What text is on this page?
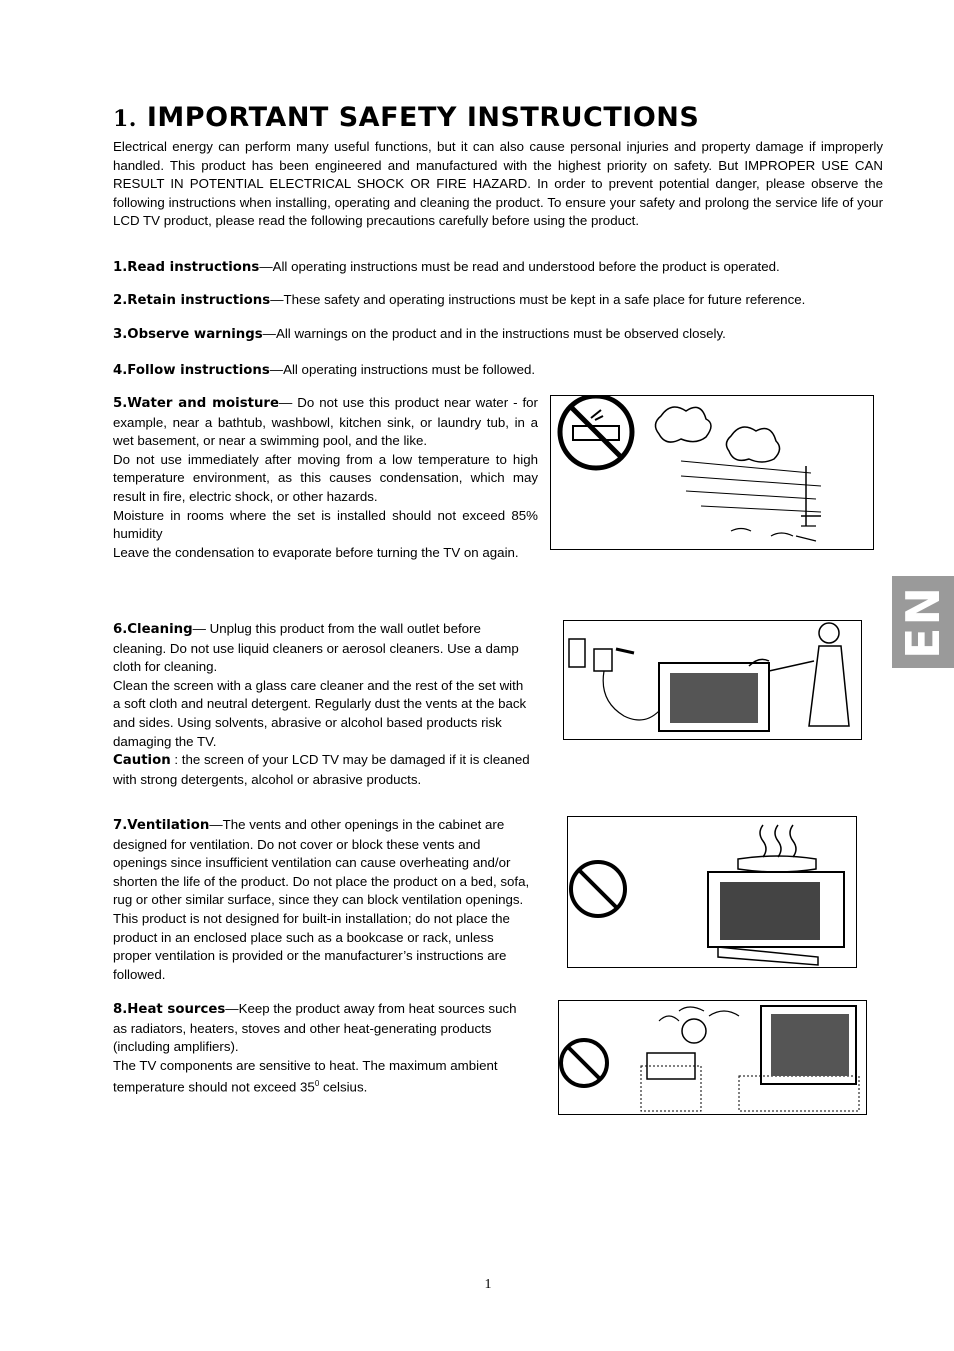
1. IMPORTANT SAFETY INSTRUCTIONS
Electrical energy can perform many useful functions, but it can also cause personal injuries and property damage if improperly handled. This product has been engineered and manufactured with the highest priority on safety. But IMPROPER USE CAN RESULT IN POTENTIAL ELECTRICAL SHOCK OR FIRE HAZARD. In order to prevent potential danger, please observe the following instructions when installing, operating and cleaning the product. To ensure your safety and prolong the service life of your LCD TV product, please read the following precautions carefully before using the product.
1.Read instructions—All operating instructions must be read and understood before the product is operated.
2.Retain instructions—These safety and operating instructions must be kept in a safe place for future reference.
3.Observe warnings—All warnings on the product and in the instructions must be observed closely.
4.Follow instructions—All operating instructions must be followed.

5.Water and moisture— Do not use this product near water - for example, near a bathtub, washbowl, kitchen sink, or laundry tub, in a wet basement, or near a swimming pool, and the like.

Do not use immediately after moving from a low temperature to high temperature environment, as this causes condensation, which may result in fire, electric shock, or other hazards.

Moisture in rooms where the set is installed should not exceed 85% humidity

Leave the condensation to evaporate before turning the TV on again.

6.Cleaning— Unplug this product from the wall outlet before cleaning. Do not use liquid cleaners or aerosol cleaners. Use a damp cloth for cleaning.

Clean the screen with a glass care cleaner and the rest of the set with a soft cloth and neutral detergent. Regularly dust the vents at the back and sides. Using solvents, abrasive or alcohol based products risk damaging the TV.

Caution : the screen of your LCD TV may be damaged if it is cleaned with strong detergents, alcohol or abrasive products.

7.Ventilation—The vents and other openings in the cabinet are designed for ventilation. Do not cover or block these vents and openings since insufficient ventilation can cause overheating and/or shorten the life of the product. Do not place the product on a bed, sofa, rug or other similar surface, since they can block ventilation openings. This product is not designed for built-in installation; do not place the product in an enclosed place such as a bookcase or rack, unless proper ventilation is provided or the manufacturer’s instructions are followed.

8.Heat sources—Keep the product away from heat sources such as radiators, heaters, stoves and other heat-generating products (including amplifiers).

The TV components are sensitive to heat. The maximum ambient temperature should not exceed $35^0$ celsius.

EN
1
